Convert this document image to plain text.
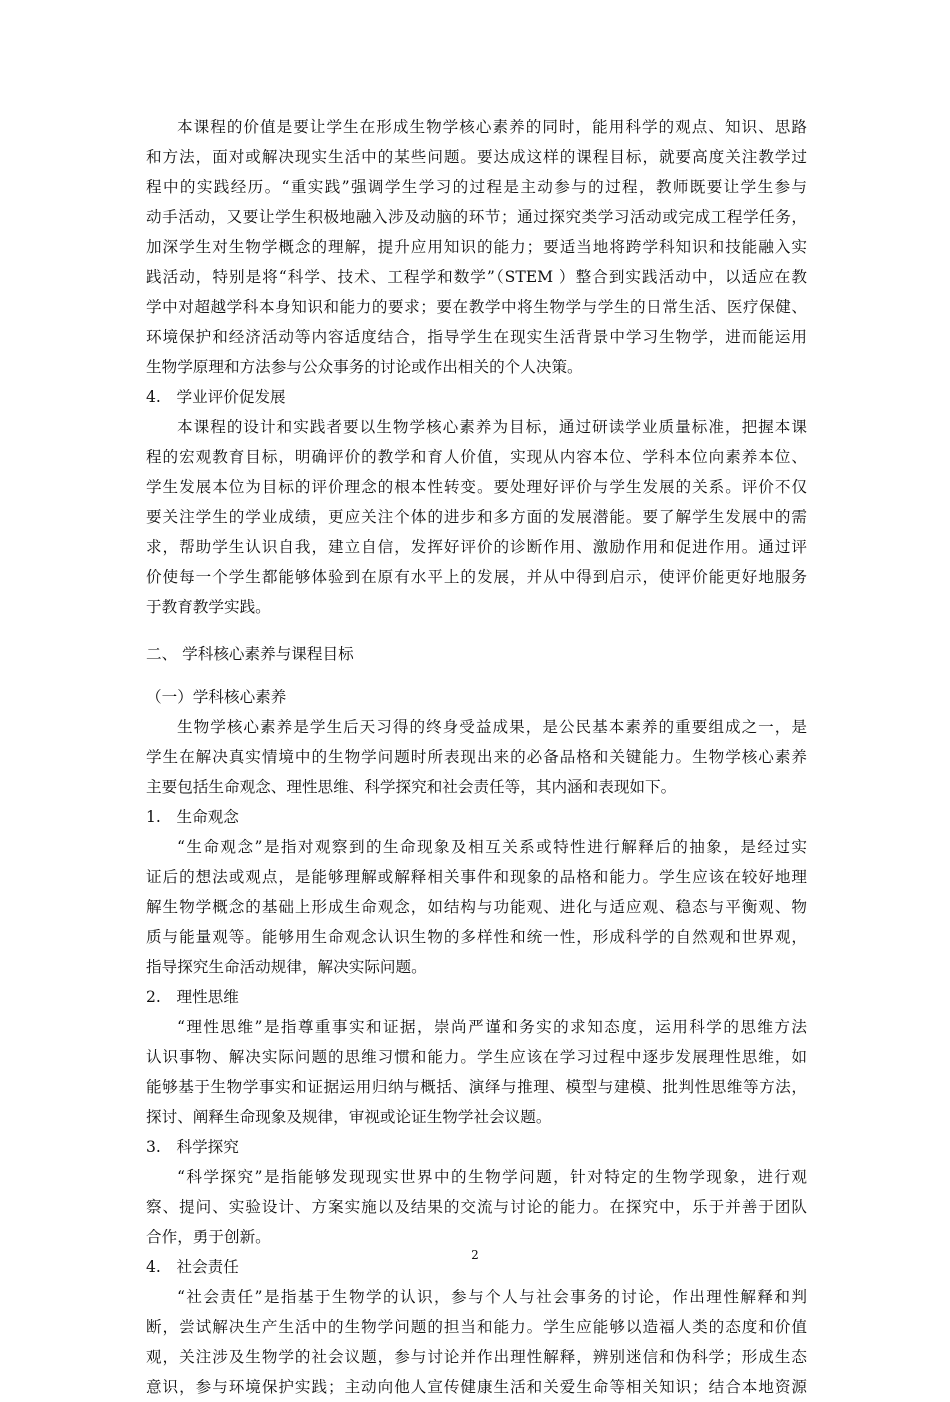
本课程的价值是要让学生在形成生物学核心素养的同时，能用科学的观点、知识、思路
和方法，面对或解决现实生活中的某些问题。要达成这样的课程目标，就要高度关注教学过
程中的实践经历。“重实践”强调学生学习的过程是主动参与的过程，教师既要让学生参与
动手活动，又要让学生积极地融入涉及动脑的环节；通过探究类学习活动或完成工程学任务，
加深学生对生物学概念的理解，提升应用知识的能力；要适当地将跨学科知识和技能融入实
践活动，特别是将“科学、技术、工程学和数学”（STEM ）整合到实践活动中，以适应在教
学中对超越学科本身知识和能力的要求；要在教学中将生物学与学生的日常生活、医疗保健、
环境保护和经济活动等内容适度结合，指导学生在现实生活背景中学习生物学，进而能运用
生物学原理和方法参与公众事务的讨论或作出相关的个人决策。
4.　学业评价促发展
本课程的设计和实践者要以生物学核心素养为目标，通过研读学业质量标准，把握本课
程的宏观教育目标，明确评价的教学和育人价值，实现从内容本位、学科本位向素养本位、
学生发展本位为目标的评价理念的根本性转变。要处理好评价与学生发展的关系。评价不仅
要关注学生的学业成绩，更应关注个体的进步和多方面的发展潜能。要了解学生发展中的需
求，帮助学生认识自我，建立自信，发挥好评价的诊断作用、激励作用和促进作用。通过评
价使每一个学生都能够体验到在原有水平上的发展，并从中得到启示，使评价能更好地服务
于教育教学实践。
二、 学科核心素养与课程目标
（一）学科核心素养
生物学核心素养是学生后天习得的终身受益成果，是公民基本素养的重要组成之一，是
学生在解决真实情境中的生物学问题时所表现出来的必备品格和关键能力。生物学核心素养
主要包括生命观念、理性思维、科学探究和社会责任等，其内涵和表现如下。
1.　生命观念
“生命观念”是指对观察到的生命现象及相互关系或特性进行解释后的抽象，是经过实
证后的想法或观点，是能够理解或解释相关事件和现象的品格和能力。学生应该在较好地理
解生物学概念的基础上形成生命观念，如结构与功能观、进化与适应观、稳态与平衡观、物
质与能量观等。能够用生命观念认识生物的多样性和统一性，形成科学的自然观和世界观，
指导探究生命活动规律，解决实际问题。
2.　理性思维
“理性思维”是指尊重事实和证据，崇尚严谨和务实的求知态度，运用科学的思维方法
认识事物、解决实际问题的思维习惯和能力。学生应该在学习过程中逐步发展理性思维，如
能够基于生物学事实和证据运用归纳与概括、演绎与推理、模型与建模、批判性思维等方法，
探讨、阐释生命现象及规律，审视或论证生物学社会议题。
3.　科学探究
“科学探究”是指能够发现现实世界中的生物学问题，针对特定的生物学现象，进行观
察、提问、实验设计、方案实施以及结果的交流与讨论的能力。在探究中，乐于并善于团队
合作，勇于创新。
4.　社会责任
“社会责任”是指基于生物学的认识，参与个人与社会事务的讨论，作出理性解释和判
断，尝试解决生产生活中的生物学问题的担当和能力。学生应能够以造福人类的态度和价值
观，关注涉及生物学的社会议题，参与讨论并作出理性解释，辨别迷信和伪科学；形成生态
意识，参与环境保护实践；主动向他人宣传健康生活和关爱生命等相关知识；结合本地资源
2
